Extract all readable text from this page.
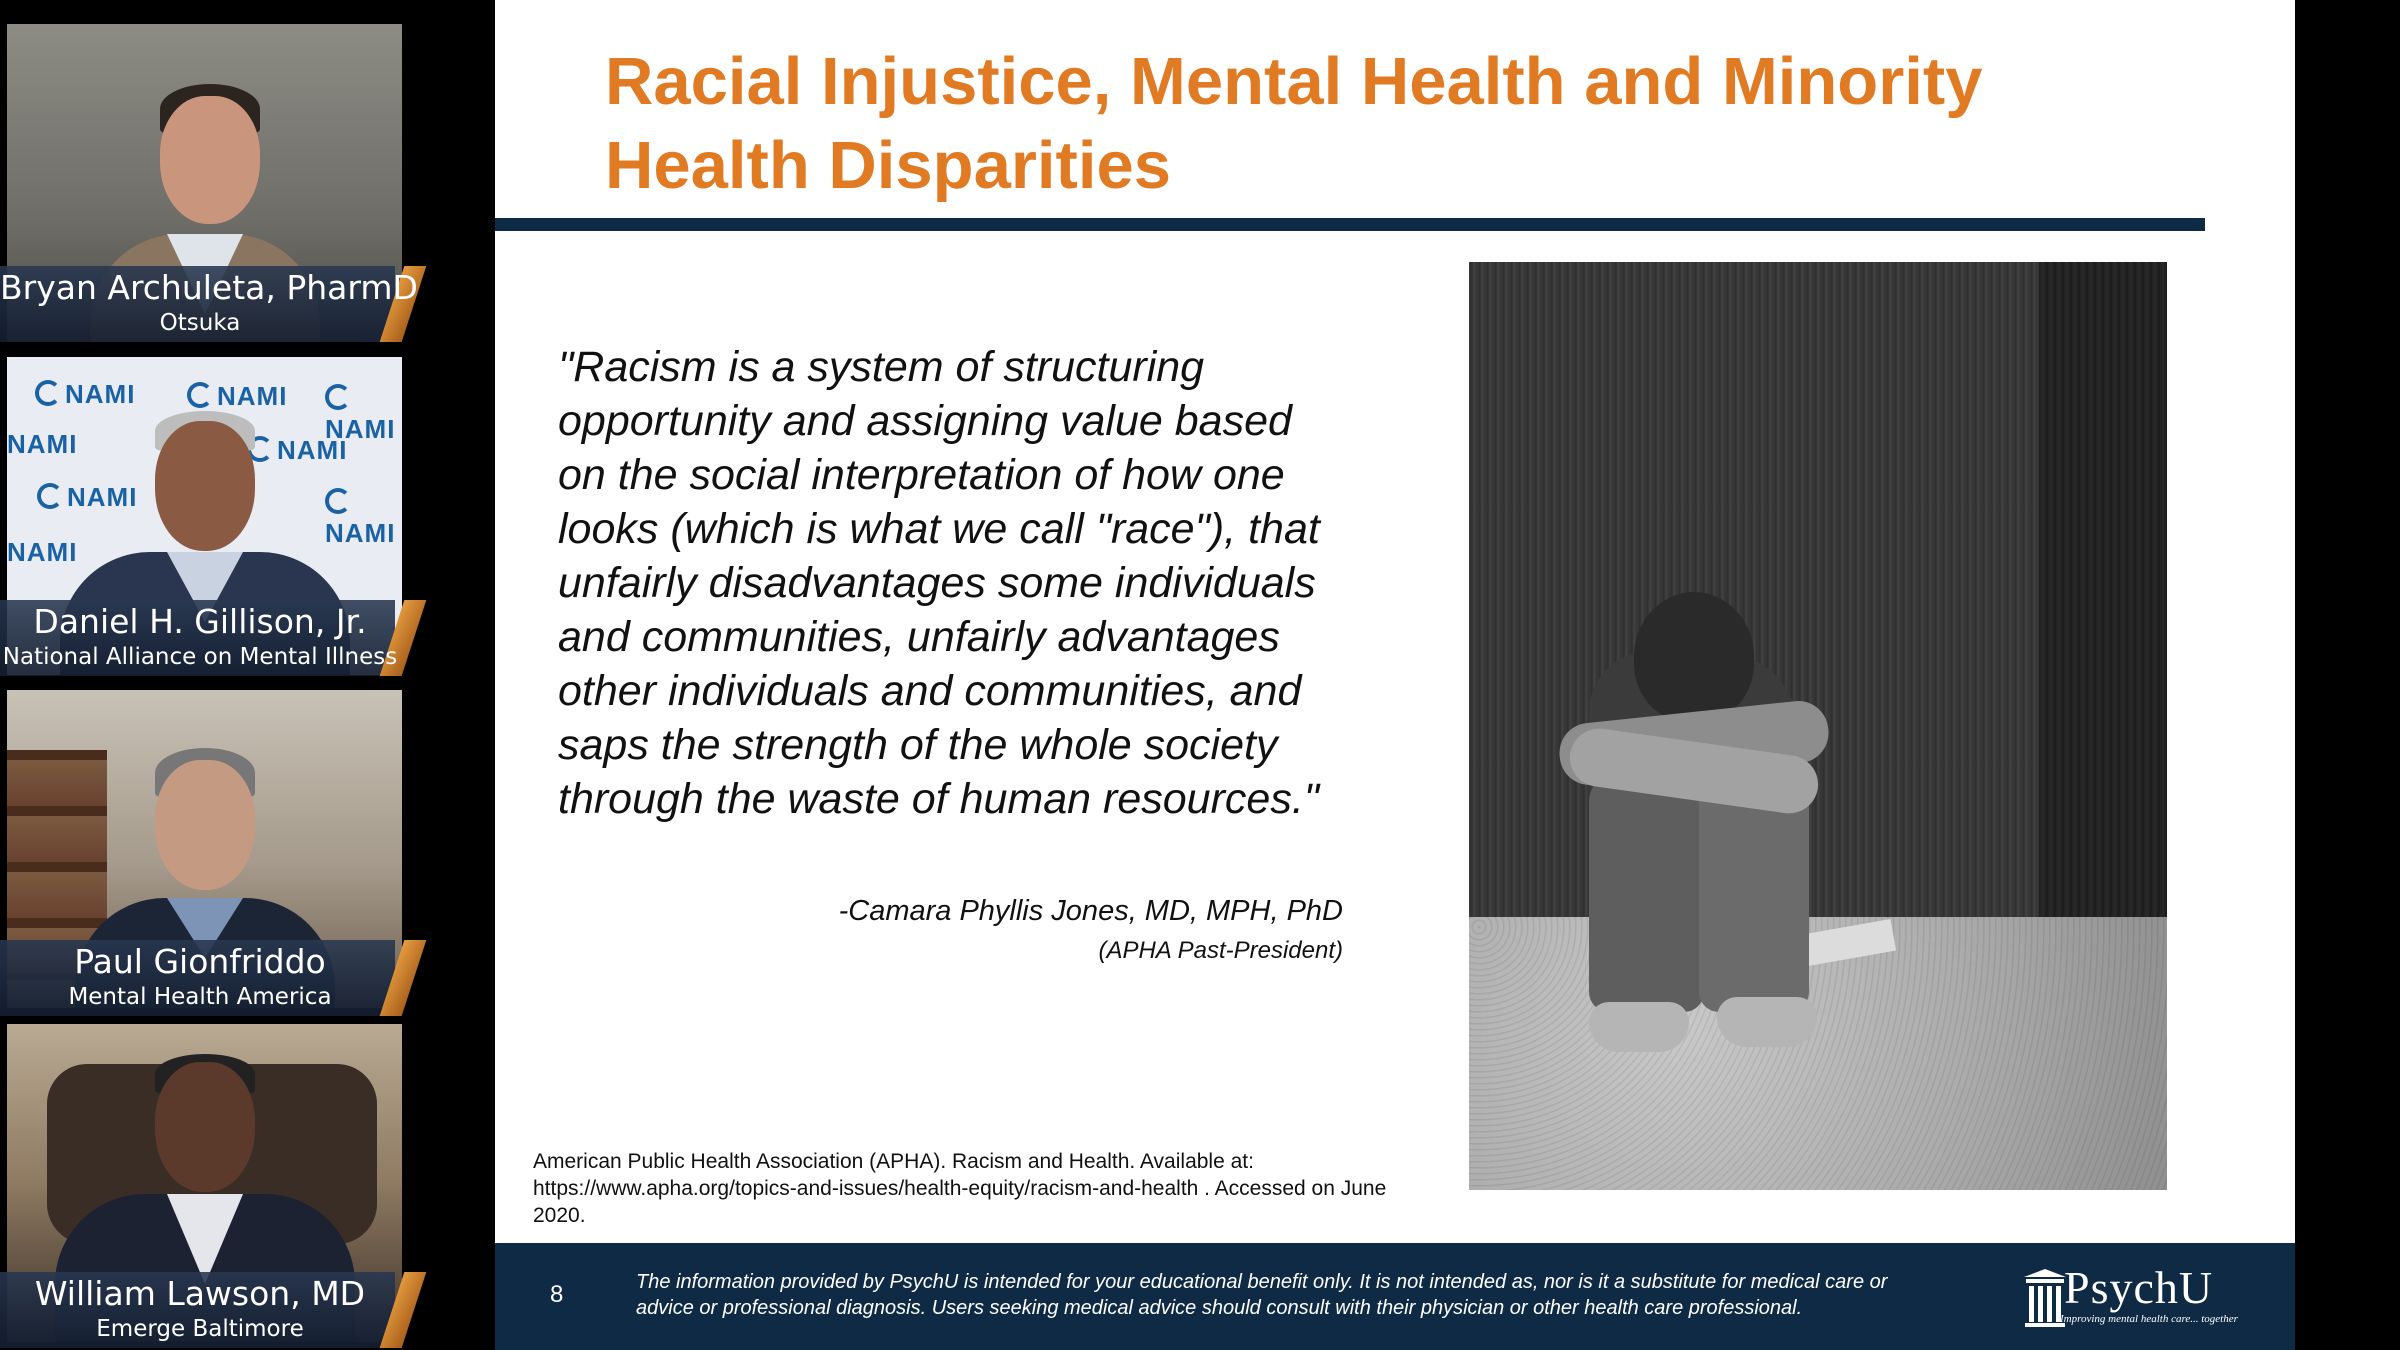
Bryan Archuleta, PharmD
Otsuka
NAMI	NAMI
NAMI
NAMI	NAMI
NAMI
NAMI
NAMI
Daniel H. Gillison, Jr.
National Alliance on Mental Illness
Paul Gionfriddo
Mental Health America
William Lawson, MD
Emerge Baltimore
Racial Injustice, Mental Health and Minority Health Disparities

"Racism is a system of structuring opportunity and assigning value based on the social interpretation of how one looks (which is what we call "race"), that unfairly disadvantages some individuals and communities, unfairly advantages other individuals and communities, and saps the strength of the whole society through the waste of human resources."

-Camara Phyllis Jones, MD, MPH, PhD
(APHA Past-President)

American Public Health Association (APHA). Racism and Health. Available at: https://www.apha.org/topics-and-issues/health-equity/racism-and-health . Accessed on June 2020.

8	The information provided by PsychU is intended for your educational benefit only. It is not intended as, nor is it a substitute for medical care or advice or professional diagnosis. Users seeking medical advice should consult with their physician or other health care professional.	PsychU
Improving mental health care... together
